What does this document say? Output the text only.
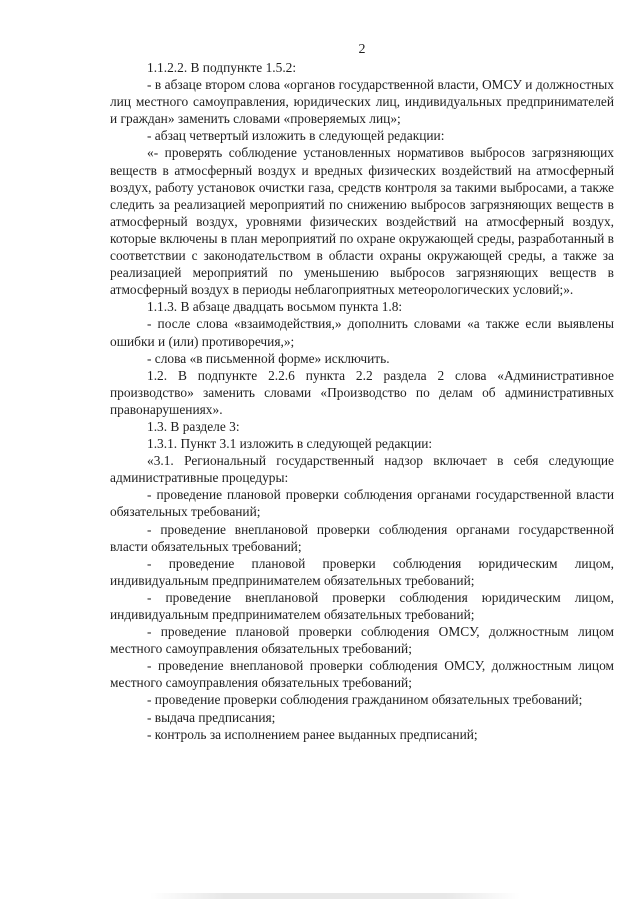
2

1.1.2.2. В подпункте 1.5.2:

- в абзаце втором слова «органов государственной власти, ОМСУ и должностных лиц местного самоуправления, юридических лиц, индивидуальных предпринимателей и граждан» заменить словами «проверяемых лиц»;

- абзац четвертый изложить в следующей редакции:

«- проверять соблюдение установленных нормативов выбросов загрязняющих веществ в атмосферный воздух и вредных физических воздействий на атмосферный воздух, работу установок очистки газа, средств контроля за такими выбросами, а также следить за реализацией мероприятий по снижению выбросов загрязняющих веществ в атмосферный воздух, уровнями физических воздействий на атмосферный воздух, которые включены в план мероприятий по охране окружающей среды, разработанный в соответствии с законодательством в области охраны окружающей среды, а также за реализацией мероприятий по уменьшению выбросов загрязняющих веществ в атмосферный воздух в периоды неблагоприятных метеорологических условий;».

1.1.3. В абзаце двадцать восьмом пункта 1.8:

- после слова «взаимодействия,» дополнить словами «а также если выявлены ошибки и (или) противоречия,»;

- слова «в письменной форме» исключить.

1.2. В подпункте 2.2.6 пункта 2.2 раздела 2 слова «Административное производство» заменить словами «Производство по делам об административных правонарушениях».

1.3. В разделе 3:

1.3.1. Пункт 3.1 изложить в следующей редакции:

«3.1. Региональный государственный надзор включает в себя следующие административные процедуры:

- проведение плановой проверки соблюдения органами государственной власти обязательных требований;

- проведение внеплановой проверки соблюдения органами государственной власти обязательных требований;

- проведение плановой проверки соблюдения юридическим лицом, индивидуальным предпринимателем обязательных требований;

- проведение внеплановой проверки соблюдения юридическим лицом, индивидуальным предпринимателем обязательных требований;

- проведение плановой проверки соблюдения ОМСУ, должностным лицом местного самоуправления обязательных требований;

- проведение внеплановой проверки соблюдения ОМСУ, должностным лицом местного самоуправления обязательных требований;

- проведение проверки соблюдения гражданином обязательных требований;

- выдача предписания;

- контроль за исполнением ранее выданных предписаний;
